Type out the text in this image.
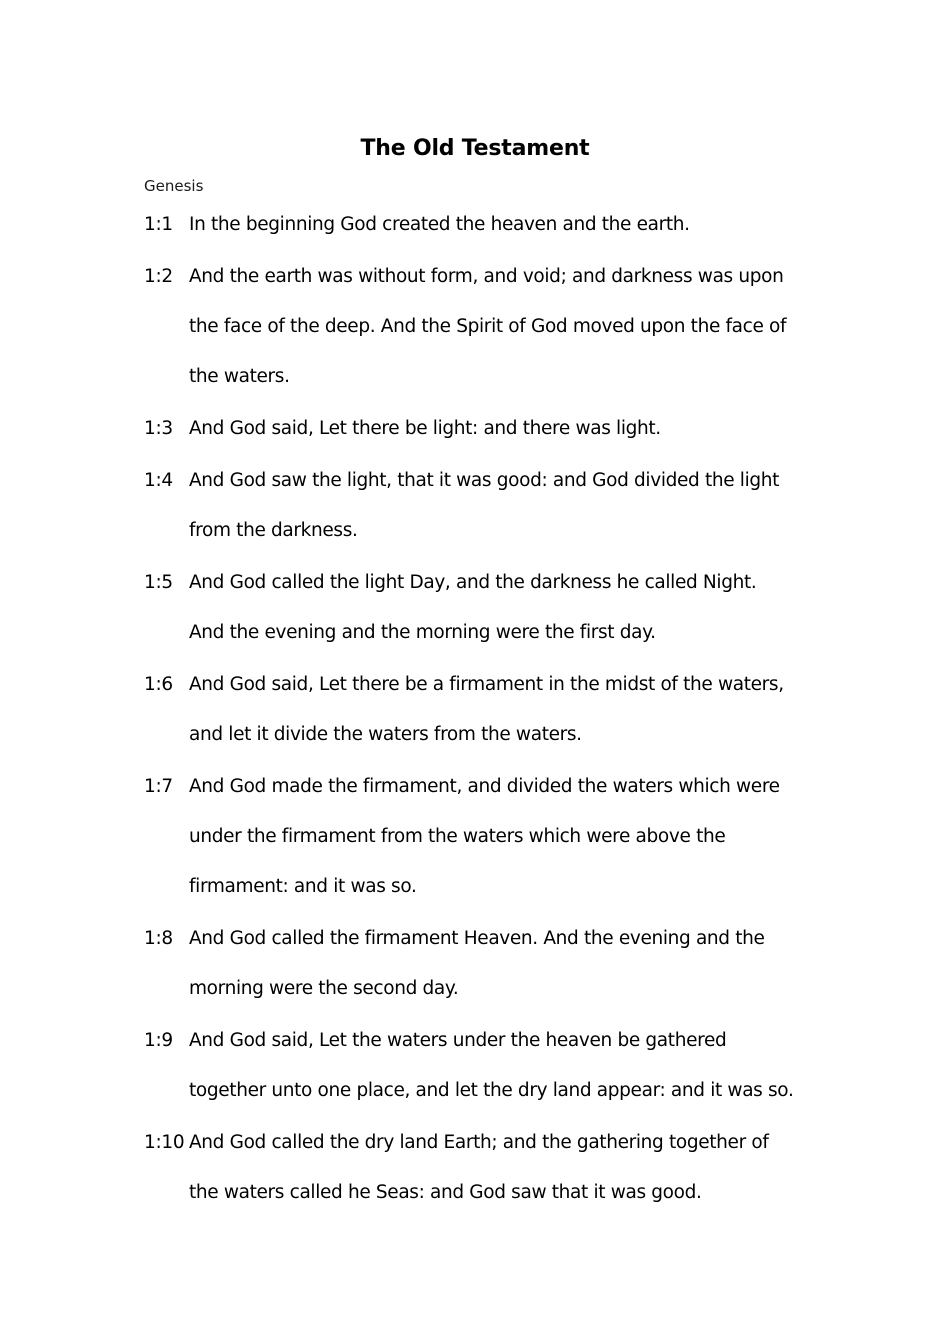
The Old Testament
Genesis
1:1 In the beginning God created the heaven and the earth.
1:2 And the earth was without form, and void; and darkness was upon
the face of the deep. And the Spirit of God moved upon the face of
the waters.
1:3 And God said, Let there be light: and there was light.
1:4 And God saw the light, that it was good: and God divided the light
from the darkness.
1:5 And God called the light Day, and the darkness he called Night.
And the evening and the morning were the first day.
1:6 And God said, Let there be a firmament in the midst of the waters,
and let it divide the waters from the waters.
1:7 And God made the firmament, and divided the waters which were
under the firmament from the waters which were above the
firmament: and it was so.
1:8 And God called the firmament Heaven. And the evening and the
morning were the second day.
1:9 And God said, Let the waters under the heaven be gathered
together unto one place, and let the dry land appear: and it was so.
1:10 And God called the dry land Earth; and the gathering together of
the waters called he Seas: and God saw that it was good.
